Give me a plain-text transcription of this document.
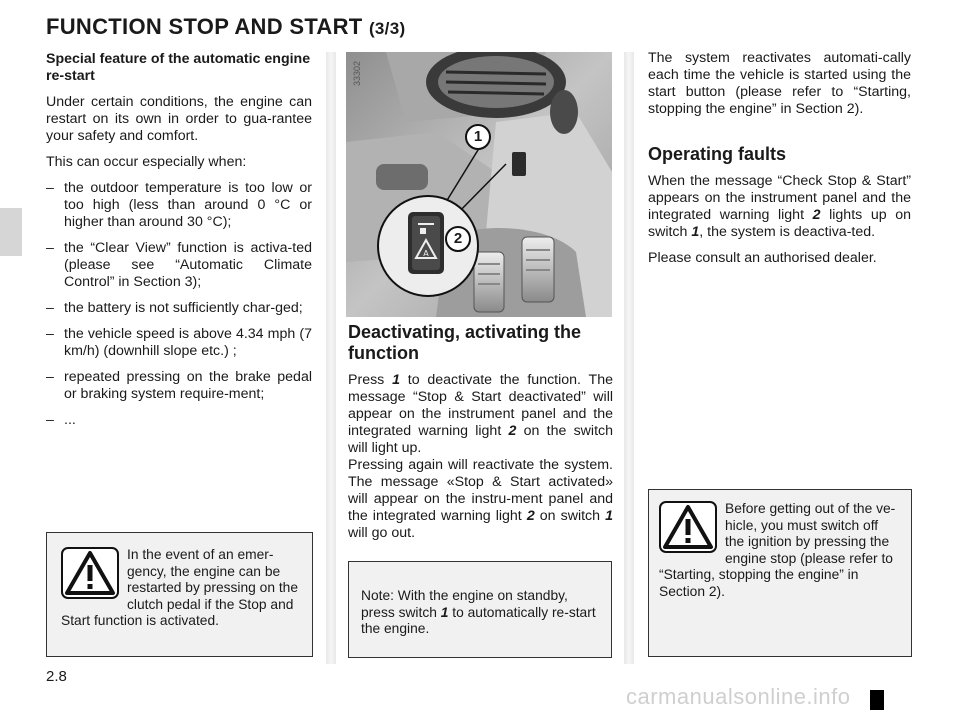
FUNCTION STOP AND START (3/3)

Special feature of the automatic engine re-start

Under certain conditions, the engine can restart on its own in order to gua-rantee your safety and comfort.

This can occur especially when:

– the outdoor temperature is too low or too high (less than around 0 °C or higher than around 30 °C);
– the “Clear View” function is activa-ted (please see “Automatic Climate Control” in Section 3);
– the battery is not sufficiently char-ged;
– the vehicle speed is above 4.34 mph (7 km/h) (downhill slope etc.) ;
– repeated pressing on the brake pedal or braking system require-ment;
– ...
In the event of an emer-gency, the engine can be restarted by pressing on the clutch pedal if the Stop and Start function is activated.
A
1
2
33302
Deactivating, activating the function

Press 1 to deactivate the function. The message “Stop & Start deactivated” will appear on the instrument panel and the integrated warning light 2 on the switch will light up.

Pressing again will reactivate the system. The message «Stop & Start activated» will appear on the instru-ment panel and the integrated warning light 2 on switch 1 will go out.

Note: With the engine on standby, press switch 1 to automatically re-start the engine.

The system reactivates automati-cally each time the vehicle is started using the start button (please refer to “Starting, stopping the engine” in Section 2).

Operating faults

When the message “Check Stop & Start” appears on the instrument panel and the integrated warning light 2 lights up on switch 1, the system is deactiva-ted.

Please consult an authorised dealer.

Before getting out of the ve-hicle, you must switch off the ignition by pressing the engine stop (please refer to “Starting, stopping the engine” in Section 2).
2.8
carmanualsonline.info
